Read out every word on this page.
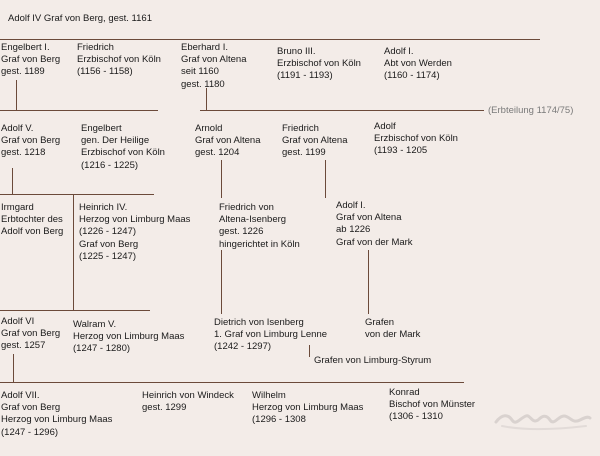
Adolf IV Graf von Berg, gest. 1161
Engelbert I.
Graf von Berg
gest. 1189
Friedrich
Erzbischof von Köln
(1156 - 1158)
Eberhard I.
Graf von Altena
seit 1160
gest. 1180
Bruno III.
Erzbischof von Köln
(1191 - 1193)
Adolf I.
Abt von Werden
(1160 - 1174)
(Erbteilung 1174/75)
Adolf V.
Graf von Berg
gest. 1218
Engelbert
gen. Der Heilige
Erzbischof von Köln
(1216 - 1225)
Arnold
Graf von Altena
gest. 1204
Friedrich
Graf von Altena
gest. 1199
Adolf
Erzbischof von Köln
(1193 - 1205
Irmgard
Erbtochter des
Adolf von Berg
Heinrich IV.
Herzog von Limburg Maas
(1226 - 1247)
Graf von Berg
(1225 - 1247)
Friedrich von
Altena-Isenberg
gest. 1226
hingerichtet in Köln
Adolf I.
Graf von Altena
ab 1226
Graf von der Mark
Grafen
von der Mark
Adolf VI
Graf von Berg
gest. 1257
Walram V.
Herzog von Limburg Maas
(1247 - 1280)
Dietrich von Isenberg
1. Graf von Limburg Lenne
(1242 - 1297)
Grafen von Limburg-Styrum
Adolf VII.
Graf von Berg
Herzog von Limburg Maas
(1247 - 1296)
Heinrich von Windeck
gest. 1299
Wilhelm
Herzog von Limburg Maas
(1296 - 1308
Konrad
Bischof von Münster
(1306 - 1310
